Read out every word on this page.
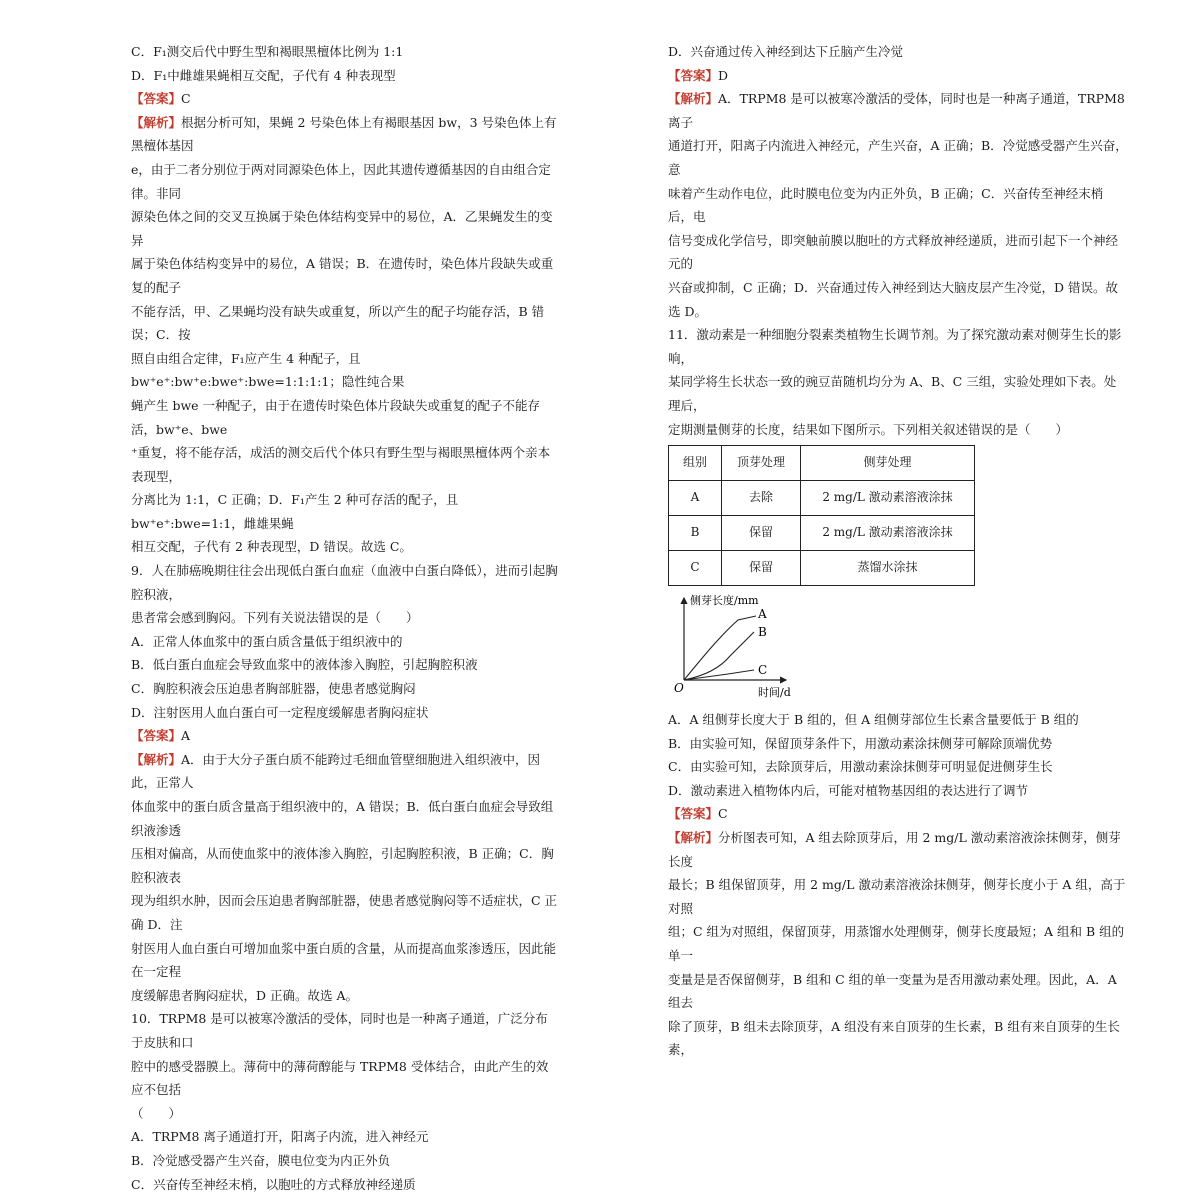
C．F₁测交后代中野生型和褐眼黑檀体比例为 1:1

D．F₁中雌雄果蝇相互交配，子代有 4 种表现型

【答案】C

【解析】根据分析可知，果蝇 2 号染色体上有褐眼基因 bw，3 号染色体上有黑檀体基因

e，由于二者分别位于两对同源染色体上，因此其遗传遵循基因的自由组合定律。非同

源染色体之间的交叉互换属于染色体结构变异中的易位，A．乙果蝇发生的变异

属于染色体结构变异中的易位，A 错误；B．在遗传时，染色体片段缺失或重复的配子

不能存活，甲、乙果蝇均没有缺失或重复，所以产生的配子均能存活，B 错误；C．按

照自由组合定律，F₁应产生 4 种配子，且 bw⁺e⁺:bw⁺e:bwe⁺:bwe=1:1:1:1；隐性纯合果

蝇产生 bwe 一种配子，由于在遗传时染色体片段缺失或重复的配子不能存活，bw⁺e、bwe

⁺重复，将不能存活，成活的测交后代个体只有野生型与褐眼黑檀体两个亲本表现型，

分离比为 1:1，C 正确；D．F₁产生 2 种可存活的配子，且 bw⁺e⁺:bwe=1:1，雌雄果蝇

相互交配，子代有 2 种表现型，D 错误。故选 C。

9．人在肺癌晚期往往会出现低白蛋白血症（血液中白蛋白降低），进而引起胸腔积液，

患者常会感到胸闷。下列有关说法错误的是（　　）

A．正常人体血浆中的蛋白质含量低于组织液中的

B．低白蛋白血症会导致血浆中的液体渗入胸腔，引起胸腔积液

C．胸腔积液会压迫患者胸部脏器，使患者感觉胸闷

D．注射医用人血白蛋白可一定程度缓解患者胸闷症状

【答案】A

【解析】A．由于大分子蛋白质不能跨过毛细血管壁细胞进入组织液中，因此，正常人

体血浆中的蛋白质含量高于组织液中的，A 错误；B．低白蛋白血症会导致组织液渗透

压相对偏高，从而使血浆中的液体渗入胸腔，引起胸腔积液，B 正确；C．胸腔积液表

现为组织水肿，因而会压迫患者胸部脏器，使患者感觉胸闷等不适症状，C 正确 D．注

射医用人血白蛋白可增加血浆中蛋白质的含量，从而提高血浆渗透压，因此能在一定程

度缓解患者胸闷症状，D 正确。故选 A。

10．TRPM8 是可以被寒冷激活的受体，同时也是一种离子通道，广泛分布于皮肤和口

腔中的感受器膜上。薄荷中的薄荷醇能与 TRPM8 受体结合，由此产生的效应不包括

（　　）

A．TRPM8 离子通道打开，阳离子内流，进入神经元

B．冷觉感受器产生兴奋，膜电位变为内正外负

C．兴奋传至神经末梢，以胞吐的方式释放神经递质

D．兴奋通过传入神经到达下丘脑产生冷觉

【答案】D

【解析】A．TRPM8 是可以被寒冷激活的受体，同时也是一种离子通道，TRPM8 离子

通道打开，阳离子内流进入神经元，产生兴奋，A 正确；B．冷觉感受器产生兴奋，意

味着产生动作电位，此时膜电位变为内正外负，B 正确；C．兴奋传至神经末梢后，电

信号变成化学信号，即突触前膜以胞吐的方式释放神经递质，进而引起下一个神经元的

兴奋或抑制，C 正确；D．兴奋通过传入神经到达大脑皮层产生冷觉，D 错误。故选 D。

11．激动素是一种细胞分裂素类植物生长调节剂。为了探究激动素对侧芽生长的影响，

某同学将生长状态一致的豌豆苗随机均分为 A、B、C 三组，实验处理如下表。处理后，

定期测量侧芽的长度，结果如下图所示。下列相关叙述错误的是（　　）

组别	顶芽处理	侧芽处理
A	去除	2 mg/L 激动素溶液涂抹
B	保留	2 mg/L 激动素溶液涂抹
C	保留	蒸馏水涂抹
侧芽长度/mm
时间/d
O
A
B
C

A．A 组侧芽长度大于 B 组的，但 A 组侧芽部位生长素含量要低于 B 组的

B．由实验可知，保留顶芽条件下，用激动素涂抹侧芽可解除顶端优势

C．由实验可知，去除顶芽后，用激动素涂抹侧芽可明显促进侧芽生长

D．激动素进入植物体内后，可能对植物基因组的表达进行了调节

【答案】C

【解析】分析图表可知，A 组去除顶芽后，用 2 mg/L 激动素溶液涂抹侧芽，侧芽长度

最长；B 组保留顶芽，用 2 mg/L 激动素溶液涂抹侧芽，侧芽长度小于 A 组，高于对照

组；C 组为对照组，保留顶芽，用蒸馏水处理侧芽，侧芽长度最短；A 组和 B 组的单一

变量是是否保留侧芽，B 组和 C 组的单一变量为是否用激动素处理。因此，A．A 组去

除了顶芽，B 组未去除顶芽，A 组没有来自顶芽的生长素，B 组有来自顶芽的生长素，
